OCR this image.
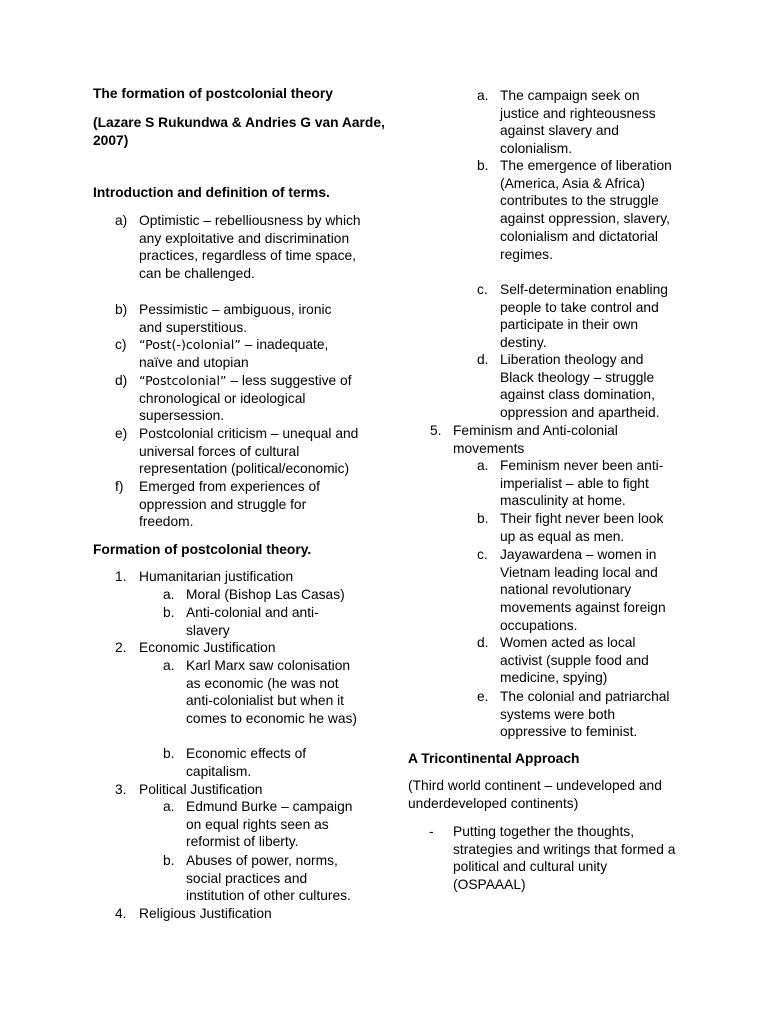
The formation of postcolonial theory
(Lazare S Rukundwa & Andries G van Aarde, 2007)
Introduction and definition of terms.
a) Optimistic – rebelliousness by which any exploitative and discrimination practices, regardless of time space, can be challenged.
b) Pessimistic – ambiguous, ironic and superstitious.
c) “Post(-)colonial” – inadequate, naïve and utopian
d) “Postcolonial” – less suggestive of chronological or ideological supersession.
e) Postcolonial criticism – unequal and universal forces of cultural representation (political/economic)
f) Emerged from experiences of oppression and struggle for freedom.
Formation of postcolonial theory.
1. Humanitarian justification
a. Moral (Bishop Las Casas)
b. Anti-colonial and anti-slavery
2. Economic Justification
a. Karl Marx saw colonisation as economic (he was not anti-colonialist but when it comes to economic he was)
b. Economic effects of capitalism.
3. Political Justification
a. Edmund Burke – campaign on equal rights seen as reformist of liberty.
b. Abuses of power, norms, social practices and institution of other cultures.
4. Religious Justification
a. The campaign seek on justice and righteousness against slavery and colonialism.
b. The emergence of liberation (America, Asia & Africa) contributes to the struggle against oppression, slavery, colonialism and dictatorial regimes.
c. Self-determination enabling people to take control and participate in their own destiny.
d. Liberation theology and Black theology – struggle against class domination, oppression and apartheid.
5. Feminism and Anti-colonial movements
a. Feminism never been anti-imperialist – able to fight masculinity at home.
b. Their fight never been look up as equal as men.
c. Jayawardena – women in Vietnam leading local and national revolutionary movements against foreign occupations.
d. Women acted as local activist (supple food and medicine, spying)
e. The colonial and patriarchal systems were both oppressive to feminist.
A Tricontinental Approach
(Third world continent – undeveloped and underdeveloped continents)
- Putting together the thoughts, strategies and writings that formed a political and cultural unity (OSPAAAL)
